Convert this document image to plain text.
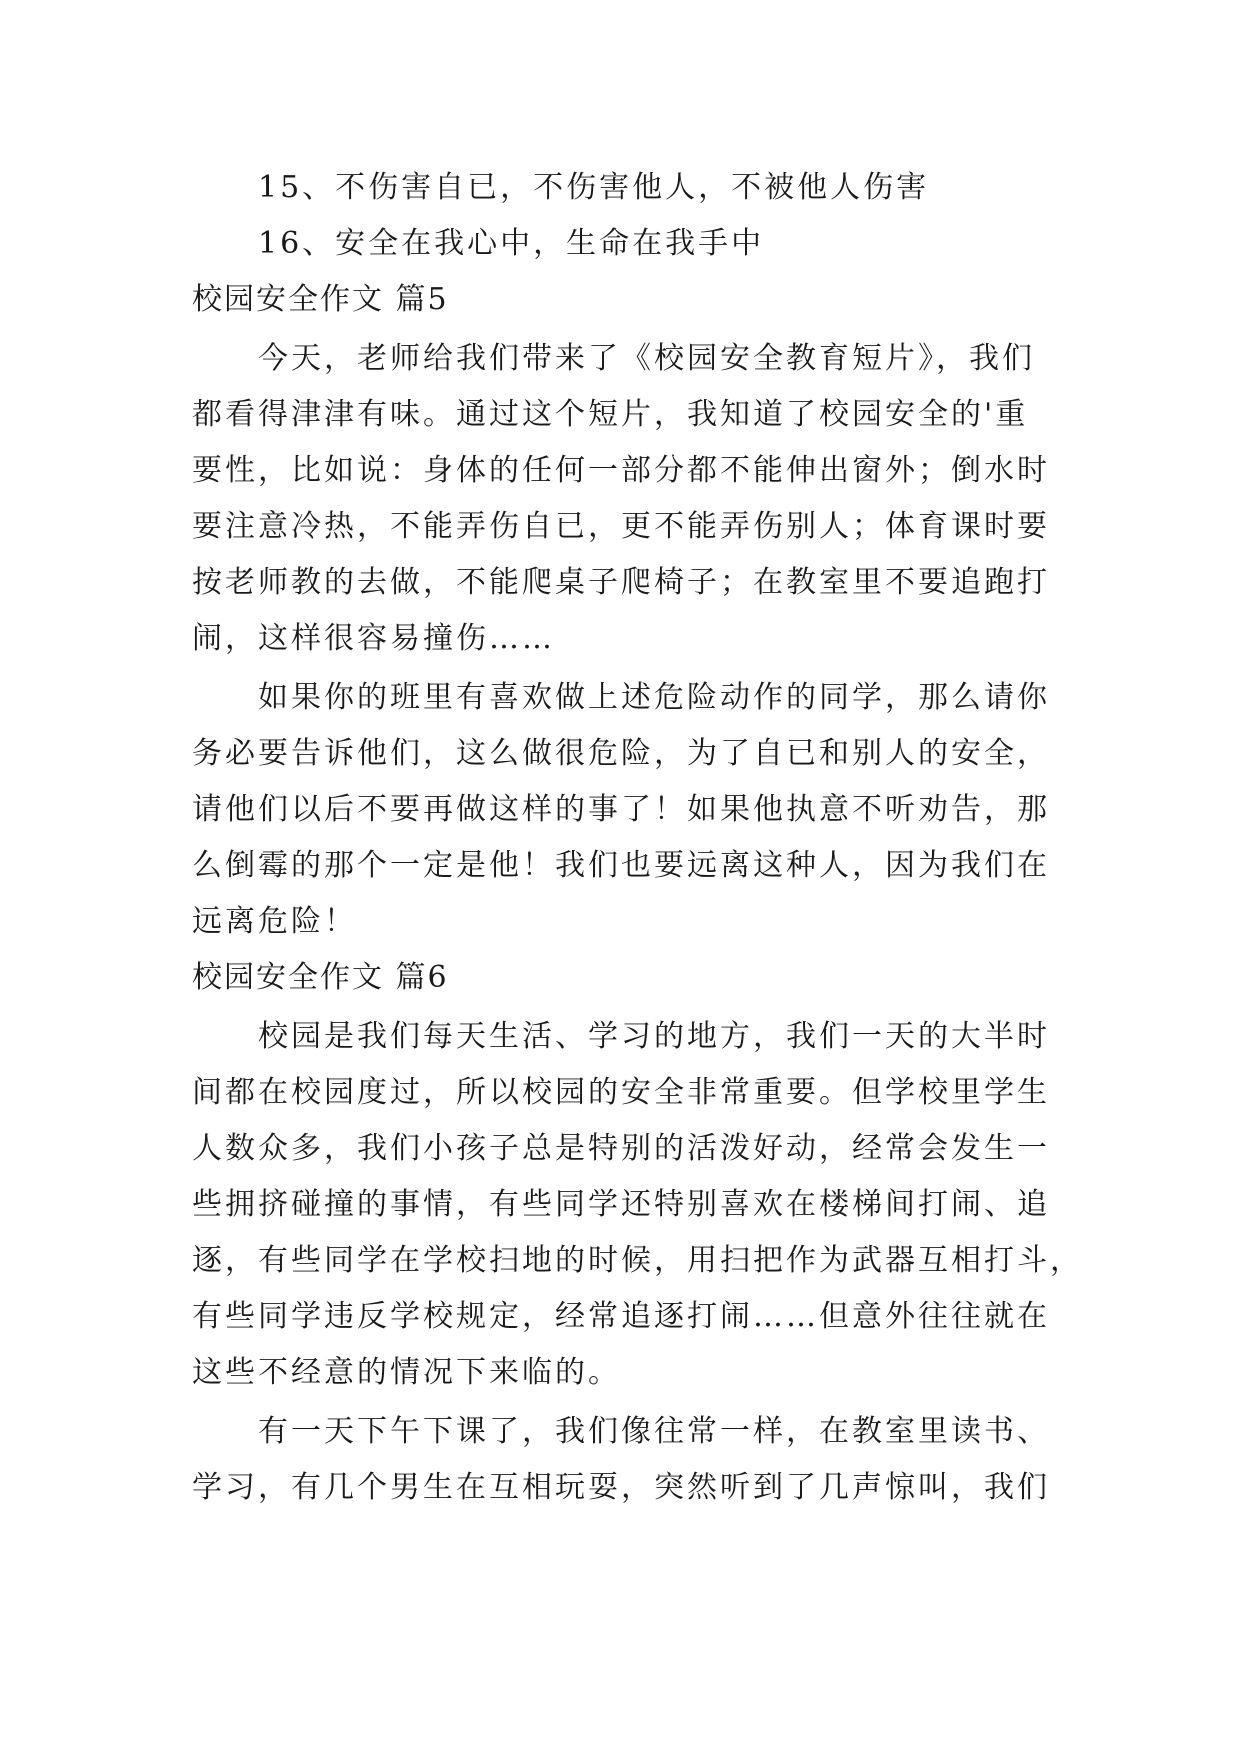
15、不伤害自已，不伤害他人，不被他人伤害
16、安全在我心中，生命在我手中
校园安全作文 篇5
今天，老师给我们带来了《校园安全教育短片》，我们
都看得津津有味。通过这个短片，我知道了校园安全的'重
要性，比如说：身体的任何一部分都不能伸出窗外；倒水时
要注意冷热，不能弄伤自已，更不能弄伤别人；体育课时要
按老师教的去做，不能爬桌子爬椅子；在教室里不要追跑打
闹，这样很容易撞伤……
如果你的班里有喜欢做上述危险动作的同学，那么请你
务必要告诉他们，这么做很危险，为了自已和别人的安全，
请他们以后不要再做这样的事了！如果他执意不听劝告，那
么倒霉的那个一定是他！我们也要远离这种人，因为我们在
远离危险！
校园安全作文 篇6
校园是我们每天生活、学习的地方，我们一天的大半时
间都在校园度过，所以校园的安全非常重要。但学校里学生
人数众多，我们小孩子总是特别的活泼好动，经常会发生一
些拥挤碰撞的事情，有些同学还特别喜欢在楼梯间打闹、追
逐，有些同学在学校扫地的时候，用扫把作为武器互相打斗，
有些同学违反学校规定，经常追逐打闹……但意外往往就在
这些不经意的情况下来临的。
有一天下午下课了，我们像往常一样，在教室里读书、
学习，有几个男生在互相玩耍，突然听到了几声惊叫，我们
